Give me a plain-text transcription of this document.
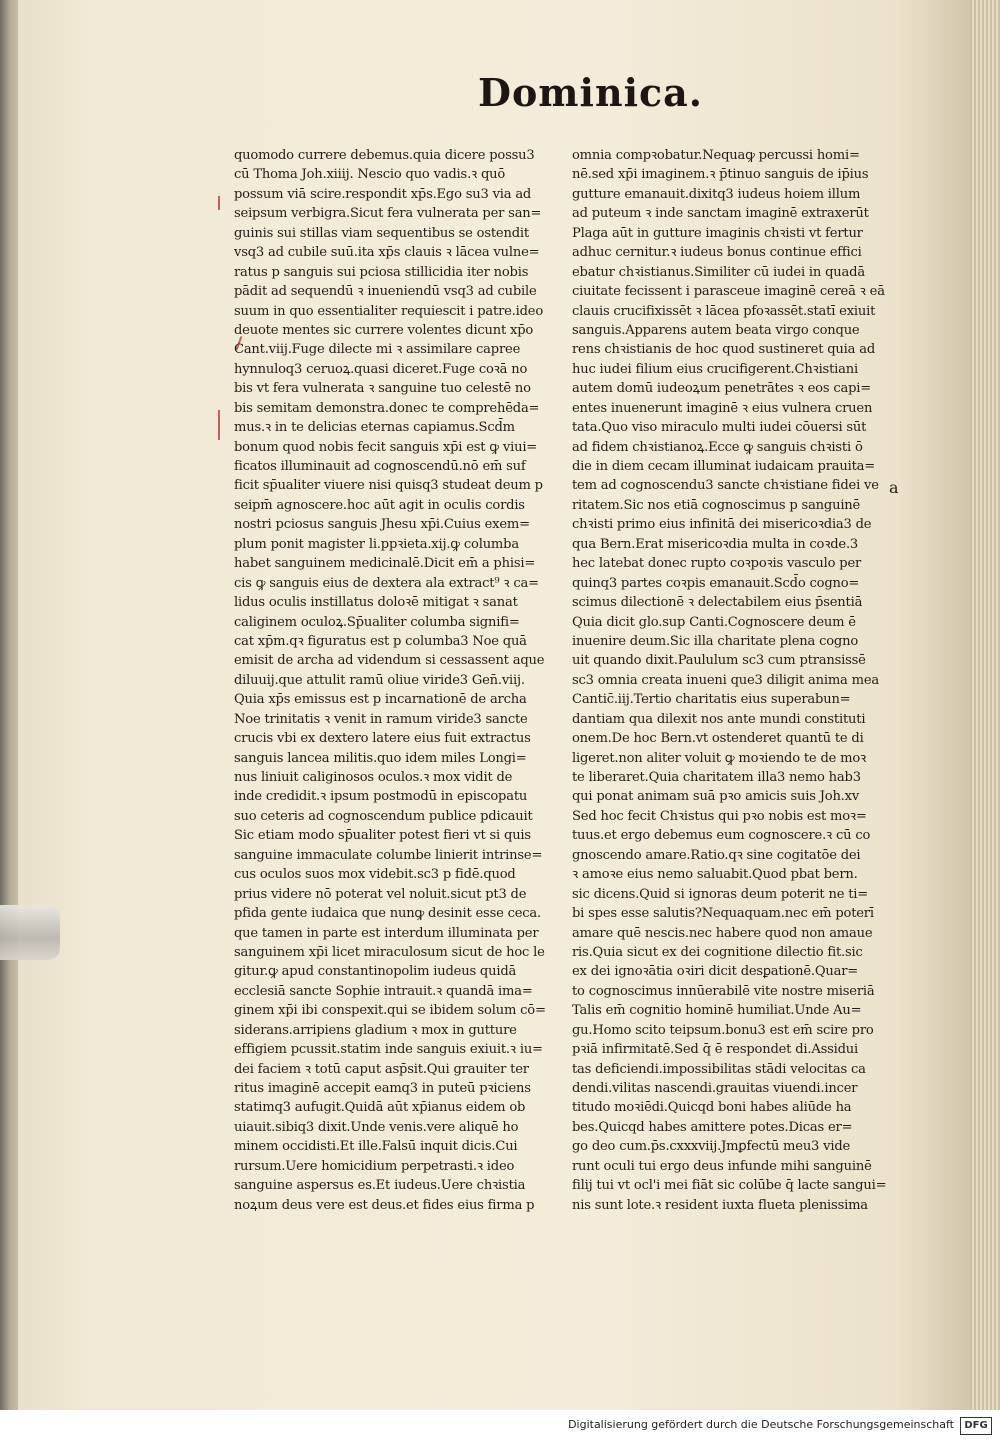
Dominica.
quomodo currere debemus.quia dicere possu3
cū Thoma Joh.xiiij. Nescio quo vadis.ꝛ quō
possum viā scire.respondit xp̄s.Ego su3 via ad
seipsum verbigra.Sicut fera vulnerata per san=
guinis sui stillas viam sequentibus se ostendit
vsq3 ad cubile suū.ita xp̄s clauis ꝛ lācea vulne=
ratus p sanguis sui pciosa stillicidia iter nobis
pādit ad sequendū ꝛ inueniendū vsq3 ad cubile
suum in quo essentialiter requiescit i patre.ideo
deuote mentes sic currere volentes dicunt xp̄o
Cant.viij.Fuge dilecte mi ꝛ assimilare capree
hynnuloq3 ceruoꝝ.quasi diceret.Fuge coꝛā no
bis vt fera vulnerata ꝛ sanguine tuo celestē no
bis semitam demonstra.donec te comprehēda=
mus.ꝛ in te delicias eternas capiamus.Scd̄m
bonum quod nobis fecit sanguis xp̄i est ꝙ viui=
ficatos illuminauit ad cognoscendū.nō em̄ suf
ficit sp̄ualiter viuere nisi quisq3 studeat deum p
seipm̄ agnoscere.hoc aūt agit in oculis cordis
nostri pciosus sanguis Jhesu xp̄i.Cuius exem=
plum ponit magister li.ppꝛieta.xij.ꝙ columba
habet sanguinem medicinalē.Dicit em̄ a phisi=
cis ꝙ sanguis eius de dextera ala extract⁹ ꝛ ca=
lidus oculis instillatus doloꝛē mitigat ꝛ sanat
caliginem oculoꝝ.Sp̄ualiter columba signifi=
cat xp̄m.qꝛ figuratus est p columba3 Noe quā
emisit de archa ad videndum si cessassent aque
diluuij.que attulit ramū oliue viride3 Gen̄.viij.
Quia xp̄s emissus est p incarnationē de archa
Noe trinitatis ꝛ venit in ramum viride3 sancte
crucis vbi ex dextero latere eius fuit extractus
sanguis lancea militis.quo idem miles Longi=
nus liniuit caliginosos oculos.ꝛ mox vidit de
inde credidit.ꝛ ipsum postmodū in episcopatu
suo ceteris ad cognoscendum publice pdicauit
Sic etiam modo sp̄ualiter potest fieri vt si quis
sanguine immaculate columbe linierit intrinse=
cus oculos suos mox videbit.sc3 p fidē.quod
prius videre nō poterat vel noluit.sicut pt3 de
pfida gente iudaica que nunꝙ desinit esse ceca.
que tamen in parte est interdum illuminata per
sanguinem xp̄i licet miraculosum sicut de hoc le
gitur.ꝙ apud constantinopolim iudeus quidā
ecclesiā sancte Sophie intrauit.ꝛ quandā ima=
ginem xp̄i ibi conspexit.qui se ibidem solum cō=
siderans.arripiens gladium ꝛ mox in gutture
effigiem pcussit.statim inde sanguis exiuit.ꝛ iu=
dei faciem ꝛ totū caput asp̄sit.Qui grauiter ter
ritus imaginē accepit eamq3 in puteū pꝛiciens
statimq3 aufugit.Quidā aūt xp̄ianus eidem ob
uiauit.sibiq3 dixit.Unde venis.vere aliquē ho
minem occidisti.Et ille.Falsū inquit dicis.Cui
rursum.Uere homicidium perpetrasti.ꝛ ideo
sanguine aspersus es.Et iudeus.Uere chꝛistia
noꝝum deus vere est deus.et fides eius firma p
omnia compꝛobatur.Nequaꝙ percussi homi=
nē.sed xp̄i imaginem.ꝛ p̄tinuo sanguis de ip̄ius
gutture emanauit.dixitq3 iudeus hoiem illum
ad puteum ꝛ inde sanctam imaginē extraxerūt
Plaga aūt in gutture imaginis chꝛisti vt fertur
adhuc cernitur.ꝛ iudeus bonus continue effici
ebatur chꝛistianus.Similiter cū iudei in quadā
ciuitate fecissent i parasceue imaginē cereā ꝛ eā
clauis crucifixissēt ꝛ lācea pfoꝛassēt.statī exiuit
sanguis.Apparens autem beata virgo conque
rens chꝛistianis de hoc quod sustineret quia ad
huc iudei filium eius crucifigerent.Chꝛistiani
autem domū iudeoꝝum penetrātes ꝛ eos capi=
entes inuenerunt imaginē ꝛ eius vulnera cruen
tata.Quo viso miraculo multi iudei cōuersi sūt
ad fidem chꝛistianoꝝ.Ecce ꝙ sanguis chꝛisti ō
die in diem cecam illuminat iudaicam prauita=
tem ad cognoscendu3 sancte chꝛistiane fidei ve
ritatem.Sic nos etiā cognoscimus p sanguinē
chꝛisti primo eius infinitā dei misericoꝛdia3 de
qua Bern.Erat misericoꝛdia multa in coꝛde.3
hec latebat donec rupto coꝛpoꝛis vasculo per
quinq3 partes coꝛpis emanauit.Scd̄o cogno=
scimus dilectionē ꝛ delectabilem eius p̄sentiā
Quia dicit glo.sup Canti.Cognoscere deum ē
inuenire deum.Sic illa charitate plena cogno
uit quando dixit.Paululum sc3 cum ptransissē
sc3 omnia creata inueni que3 diligit anima mea
Cantic̄.iij.Tertio charitatis eius superabun=
dantiam qua dilexit nos ante mundi constituti
onem.De hoc Bern.vt ostenderet quantū te di
ligeret.non aliter voluit ꝙ moꝛiendo te de moꝛ
te liberaret.Quia charitatem illa3 nemo hab3
qui ponat animam suā pꝛo amicis suis Joh.xv
Sed hoc fecit Chꝛistus qui pꝛo nobis est moꝛ=
tuus.et ergo debemus eum cognoscere.ꝛ cū co
gnoscendo amare.Ratio.qꝛ sine cogitatōe dei
ꝛ amoꝛe eius nemo saluabit.Quod pbat bern.
sic dicens.Quid si ignoras deum poterit ne ti=
bi spes esse salutis?Nequaquam.nec em̄ poterī
amare quē nescis.nec habere quod non amaue
ris.Quia sicut ex dei cognitione dilectio fit.sic
ex dei ignoꝛātia oꝛiri dicit desꝑationē.Quar=
to cognoscimus innūerabilē vite nostre miseriā
Talis em̄ cognitio hominē humiliat.Unde Au=
gu.Homo scito teipsum.bonu3 est em̄ scire pro
pꝛiā infirmitatē.Sed q̄ ē respondet di.Assidui
tas deficiendi.impossibilitas stādi velocitas ca
dendi.vilitas nascendi.grauitas viuendi.incer
titudo moꝛiēdi.Quicqd boni habes aliūde ha
bes.Quicqd habes amittere potes.Dicas er=
go deo cum.p̄s.cxxxviij.Jmꝑfectū meu3 vide
runt oculi tui ergo deus infunde mihi sanguinē
filij tui vt ocl'i mei fiāt sic colūbe q̄ lacte sangui=
nis sunt lote.ꝛ resident iuxta flueta plenissima
a
Digitalisierung gefördert durch die Deutsche Forschungsgemeinschaft	DFG
